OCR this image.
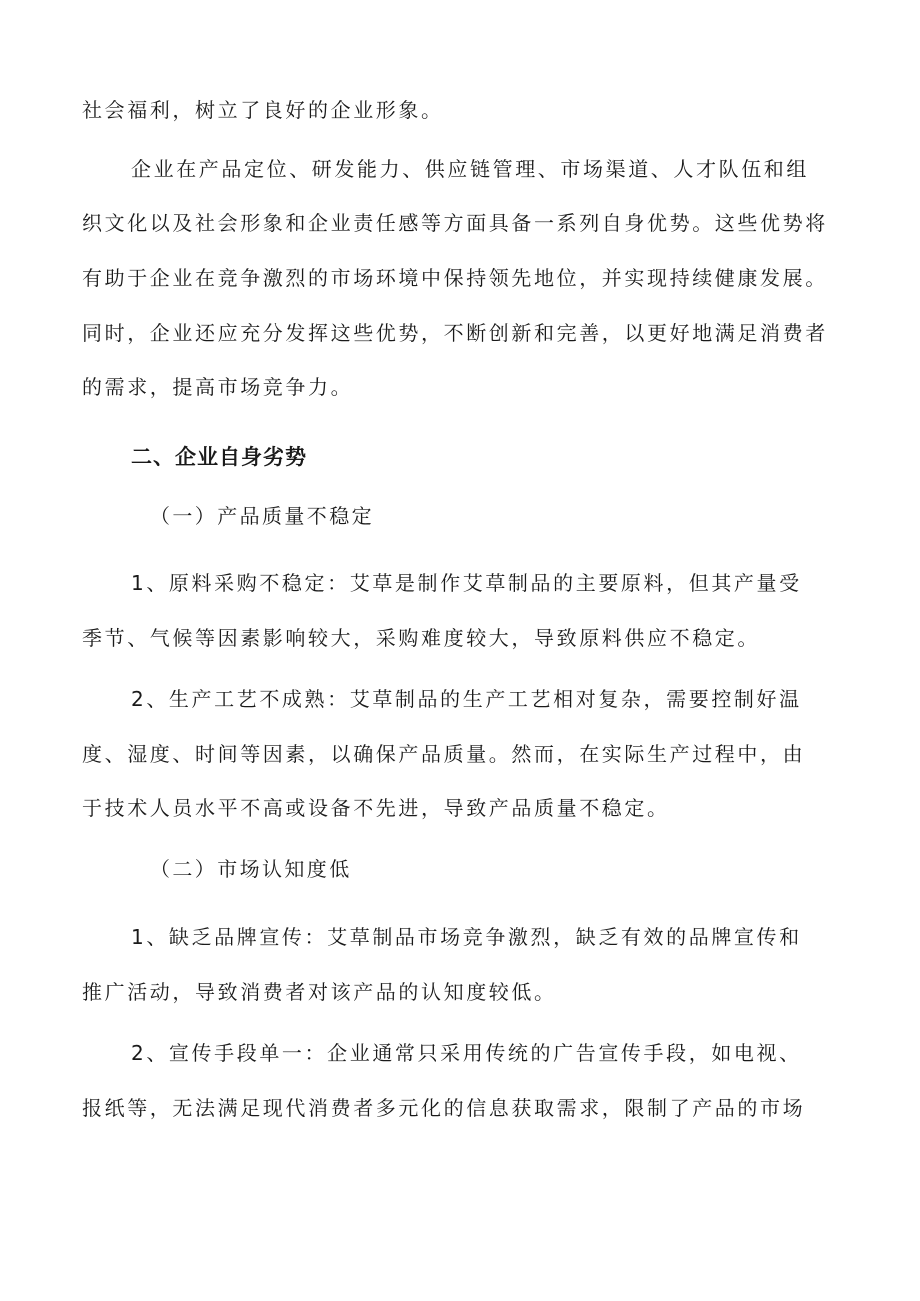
社会福利，树立了良好的企业形象。
企业在产品定位、研发能力、供应链管理、市场渠道、人才队伍和组
织文化以及社会形象和企业责任感等方面具备一系列自身优势。这些优势将
有助于企业在竞争激烈的市场环境中保持领先地位，并实现持续健康发展。
同时，企业还应充分发挥这些优势，不断创新和完善，以更好地满足消费者
的需求，提高市场竞争力。
二、企业自身劣势
（一）产品质量不稳定
1、原料采购不稳定：艾草是制作艾草制品的主要原料，但其产量受
季节、气候等因素影响较大，采购难度较大，导致原料供应不稳定。
2、生产工艺不成熟：艾草制品的生产工艺相对复杂，需要控制好温
度、湿度、时间等因素，以确保产品质量。然而，在实际生产过程中，由
于技术人员水平不高或设备不先进，导致产品质量不稳定。
（二）市场认知度低
1、缺乏品牌宣传：艾草制品市场竞争激烈，缺乏有效的品牌宣传和
推广活动，导致消费者对该产品的认知度较低。
2、宣传手段单一：企业通常只采用传统的广告宣传手段，如电视、
报纸等，无法满足现代消费者多元化的信息获取需求，限制了产品的市场
